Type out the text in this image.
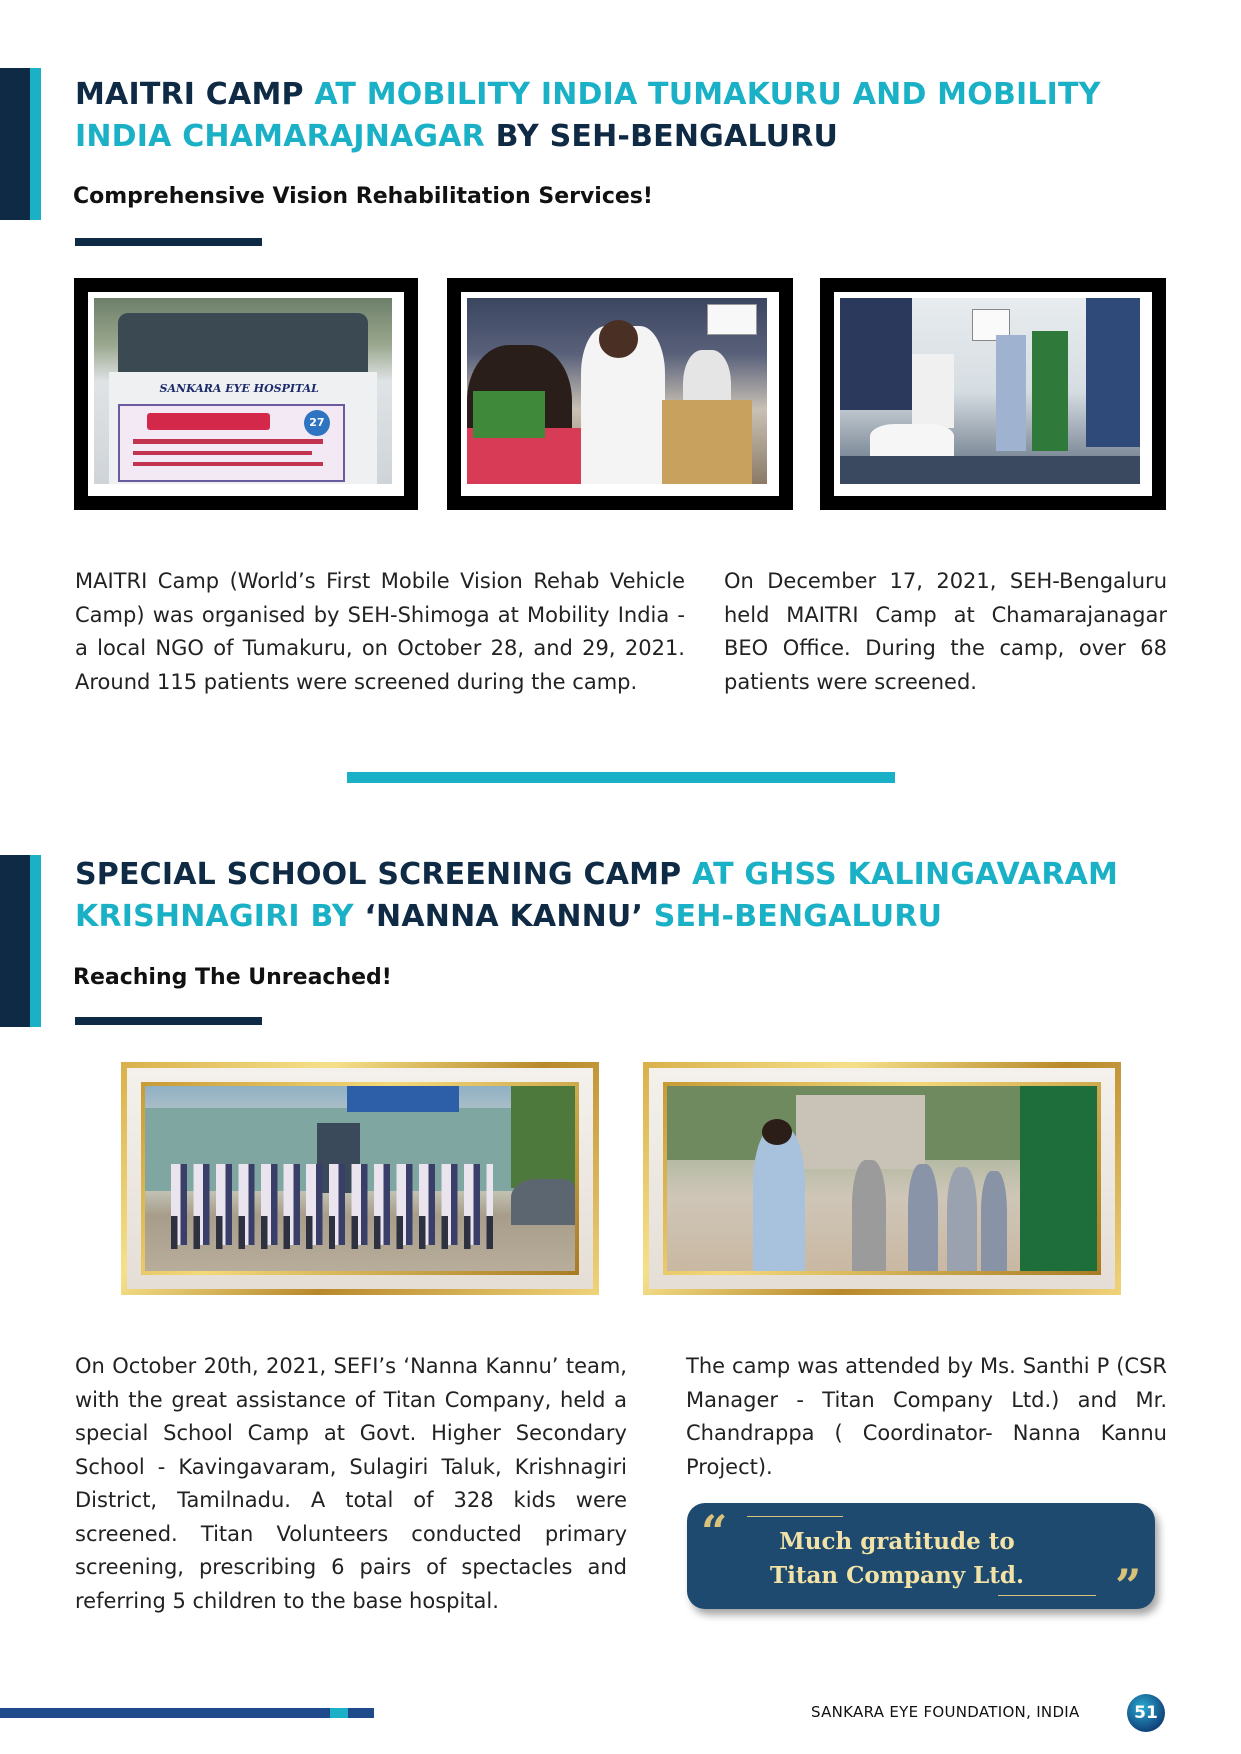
MAITRI CAMP AT MOBILITY INDIA TUMAKURU AND MOBILITY INDIA CHAMARAJNAGAR BY SEH-BENGALURU
Comprehensive Vision Rehabilitation Services!
SANKARA EYE HOSPITAL
27
MAITRI Camp (World’s First Mobile Vision Rehab Vehicle Camp) was organised by SEH-Shimoga at Mobility India - a local NGO of Tumakuru, on October 28, and 29, 2021. Around 115 patients were screened during the camp.
On December 17, 2021, SEH-Bengaluru held MAITRI Camp at Chamarajanagar BEO Office. During the camp, over 68 patients were screened.
SPECIAL SCHOOL SCREENING CAMP AT GHSS KALINGAVARAM KRISHNAGIRI BY ‘NANNA KANNU’ SEH-BENGALURU
Reaching The Unreached!
On October 20th, 2021, SEFI’s ‘Nanna Kannu’ team, with the great assistance of Titan Company, held a special School Camp at Govt. Higher Secondary School - Kavingavaram, Sulagiri Taluk, Krishnagiri District, Tamilnadu. A total of 328 kids were screened. Titan Volunteers conducted primary screening, prescribing 6 pairs of spectacles and referring 5 children to the base hospital.
The camp was attended by Ms. Santhi P (CSR Manager - Titan Company Ltd.) and Mr. Chandrappa ( Coordinator- Nanna Kannu Project).
“	Much gratitude to Titan Company Ltd. ”
SANKARA EYE FOUNDATION, INDIA	51
